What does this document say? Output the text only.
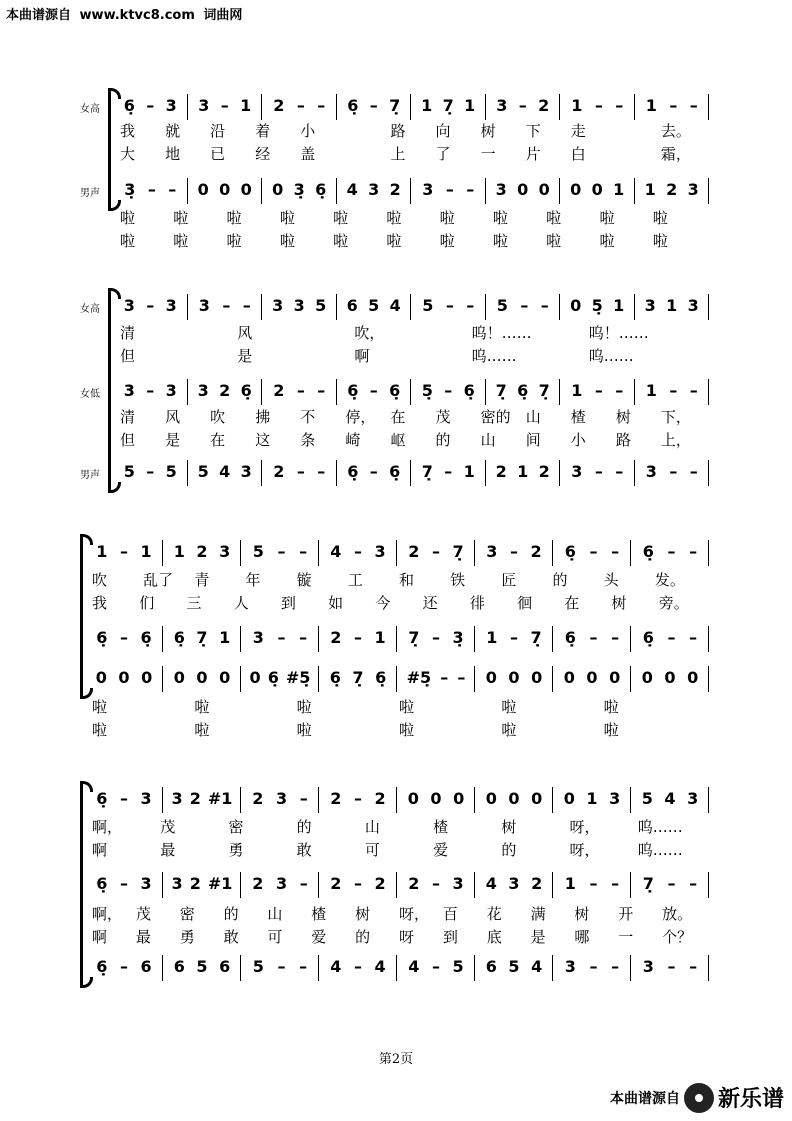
本曲谱源自 www.ktvc8.com 词曲网
女高 6̣ – 3 3 – 1 2 – – 6̣ – 7̣ 1 7̣ 1 3 – 2 1 – – 1 – –
我 就 沿 着 小	路 向 树 下 走	去。
大 地 已 经 盖	上 了 一 片 白	霜，
男声 3̣ – – 0 0 0 0 3̣ 6̣ 4 3 2 3 – – 3 0 0 0 0 1 1 2 3
啦	啦	啦	啦	啦	啦	啦	啦	啦	啦	啦
啦	啦	啦	啦	啦	啦	啦	啦	啦	啦	啦
女高 3 – 3 3 – – 3 3 5 6 5 4 5 – – 5 – – 0 5̣ 1 3 1 3
清	风	吹，	呜！……	呜！……
但	是	啊	呜……	呜……
女低 3 – 3 3 2 6̣ 2 – – 6̣ – 6̣ 5̣ – 6̣ 7̣ 6̣ 7̣ 1 – – 1 – –
清 风 吹 拂 不 停， 在 茂 密的 山 楂 树 下，
但 是 在 这 条 崎 岖 的 山 间 小 路 上，
男声 5 – 5 5 4 3 2 – – 6̣ – 6̣ 7̣ – 1 2 1 2 3 – – 3 – –
1 – 1 1 2 3 5 – – 4 – 3 2 – 7̣ 3 – 2 6̣ – – 6̣ – –
吹 乱了 青 年 镟 工 和 铁 匠 的 头 发。
我 们 三 人 到 如 今 还 徘 徊 在 树 旁。
6̣ – 6̣ 6̣ 7̣ 1 3 – – 2 – 1 7̣ – 3̣ 1 – 7̣ 6̣ – – 6̣ – –
0 0 0 0 0 0 0 6̣ #5̣ 6̣ 7̣ 6̣ #5̣ – – 0 0 0 0 0 0 0 0 0
啦	啦	啦	啦	啦	啦
啦	啦	啦	啦	啦	啦
6̣ – 3 3 2 #1 2 3 – 2 – 2 0 0 0 0 0 0 0 1 3 5 4 3
啊，	茂	密	的	山	楂	树	呀，	呜……
啊	最	勇	敢	可	爱	的	呀，	呜……
6̣ – 3 3 2 #1 2 3 – 2 – 2 2 – 3 4 3 2 1 – – 7̣ – –
啊， 茂 密 的 山 楂 树 呀， 百 花 满 树 开 放。
啊 最 勇 敢 可 爱 的 呀 到 底 是 哪 一 个？
6̣ – 6 6 5 6 5 – – 4 – 4 4 – 5 6 5 4 3 – – 3 – –
第2页
本曲谱源自 新乐谱
